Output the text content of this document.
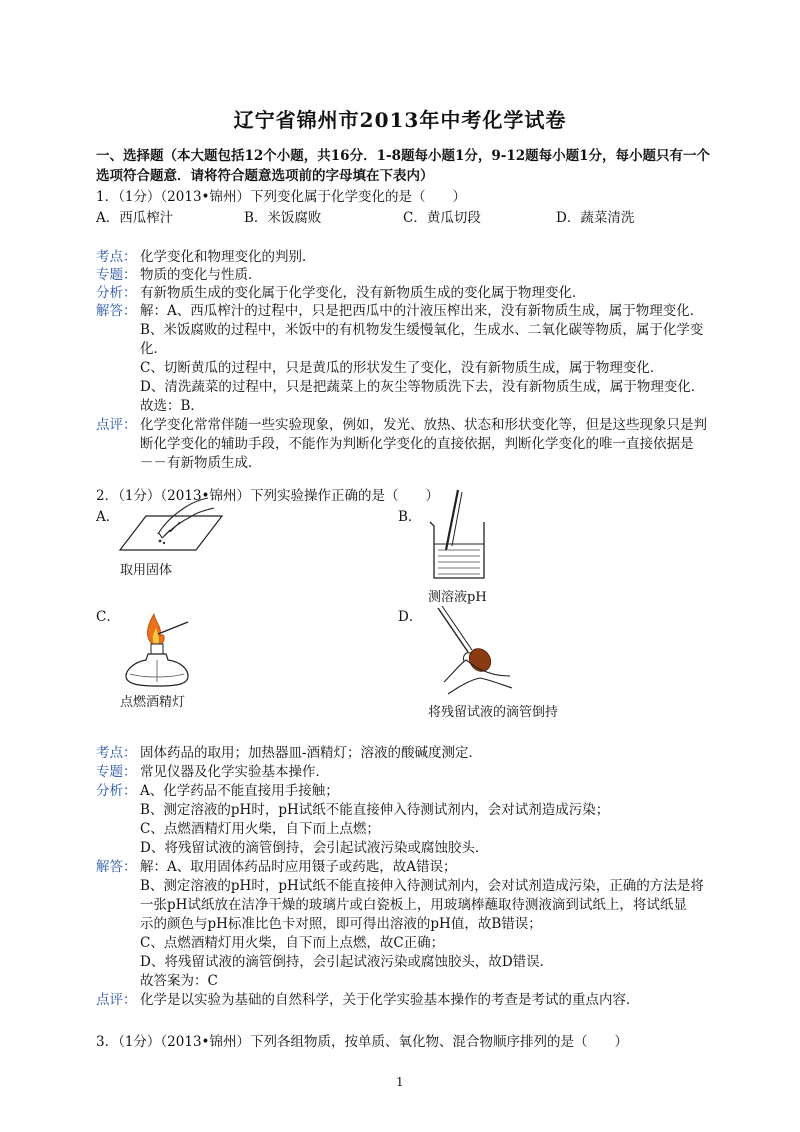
辽宁省锦州市2013年中考化学试卷
一、选择题（本大题包括12个小题，共16分．1-8题每小题1分，9-12题每小题1分，每小题只有一个
选项符合题意．请将符合题意选项前的字母填在下表内）
1．（1分）（2013•锦州）下列变化属于化学变化的是（　　）
A．西瓜榨汁	B．米饭腐败	C．黄瓜切段	D．蔬菜清洗
考点： 化学变化和物理变化的判别．
专题： 物质的变化与性质．
分析： 有新物质生成的变化属于化学变化，没有新物质生成的变化属于物理变化．
解答： 解：A、西瓜榨汁的过程中，只是把西瓜中的汁液压榨出来，没有新物质生成，属于物理变化．
B、米饭腐败的过程中，米饭中的有机物发生缓慢氧化，生成水、二氧化碳等物质，属于化学变
化．
C、切断黄瓜的过程中，只是黄瓜的形状发生了变化，没有新物质生成，属于物理变化．
D、清洗蔬菜的过程中，只是把蔬菜上的灰尘等物质洗下去，没有新物质生成，属于物理变化．
故选：B．
点评： 化学变化常常伴随一些实验现象，例如，发光、放热、状态和形状变化等，但是这些现象只是判
断化学变化的辅助手段，不能作为判断化学变化的直接依据，判断化学变化的唯一直接依据是
－－有新物质生成．
2．（1分）（2013•锦州）下列实验操作正确的是（　　）
A．	B．
取用固体
测溶液pH
C．	D．
点燃酒精灯
将残留试液的滴管倒持
考点： 固体药品的取用；加热器皿-酒精灯；溶液的酸碱度测定．
专题： 常见仪器及化学实验基本操作．
分析： A、化学药品不能直接用手接触；
B、测定溶液的pH时，pH试纸不能直接伸入待测试剂内，会对试剂造成污染；
C、点燃酒精灯用火柴，自下而上点燃；
D、将残留试液的滴管倒持，会引起试液污染或腐蚀胶头．
解答： 解：A、取用固体药品时应用镊子或药匙，故A错误；
B、测定溶液的pH时，pH试纸不能直接伸入待测试剂内，会对试剂造成污染，正确的方法是将
一张pH试纸放在洁净干燥的玻璃片或白瓷板上，用玻璃棒蘸取待测液滴到试纸上，将试纸显
示的颜色与pH标准比色卡对照，即可得出溶液的pH值，故B错误；
C、点燃酒精灯用火柴，自下而上点燃，故C正确；
D、将残留试液的滴管倒持，会引起试液污染或腐蚀胶头，故D错误．
故答案为：C
点评： 化学是以实验为基础的自然科学，关于化学实验基本操作的考查是考试的重点内容．
3．（1分）（2013•锦州）下列各组物质，按单质、氧化物、混合物顺序排列的是（　　）
1
